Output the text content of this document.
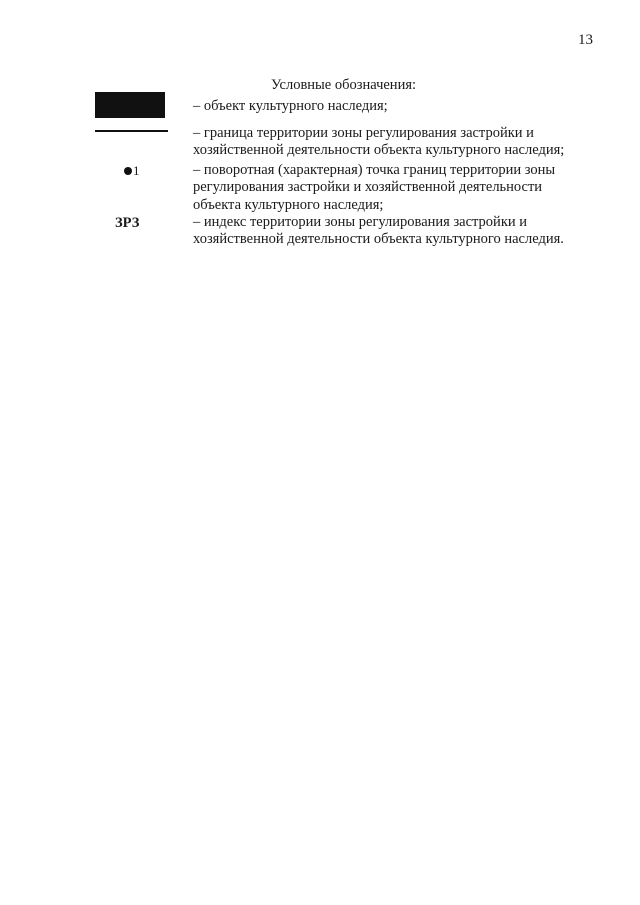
13
Условные обозначения:
– объект культурного наследия;
– граница территории зоны регулирования застройки и
хозяйственной деятельности объекта культурного наследия;
1	– поворотная (характерная) точка границ территории зоны
регулирования застройки и хозяйственной деятельности
объекта культурного наследия;
ЗРЗ	– индекс территории зоны регулирования застройки и
хозяйственной деятельности объекта культурного наследия.
